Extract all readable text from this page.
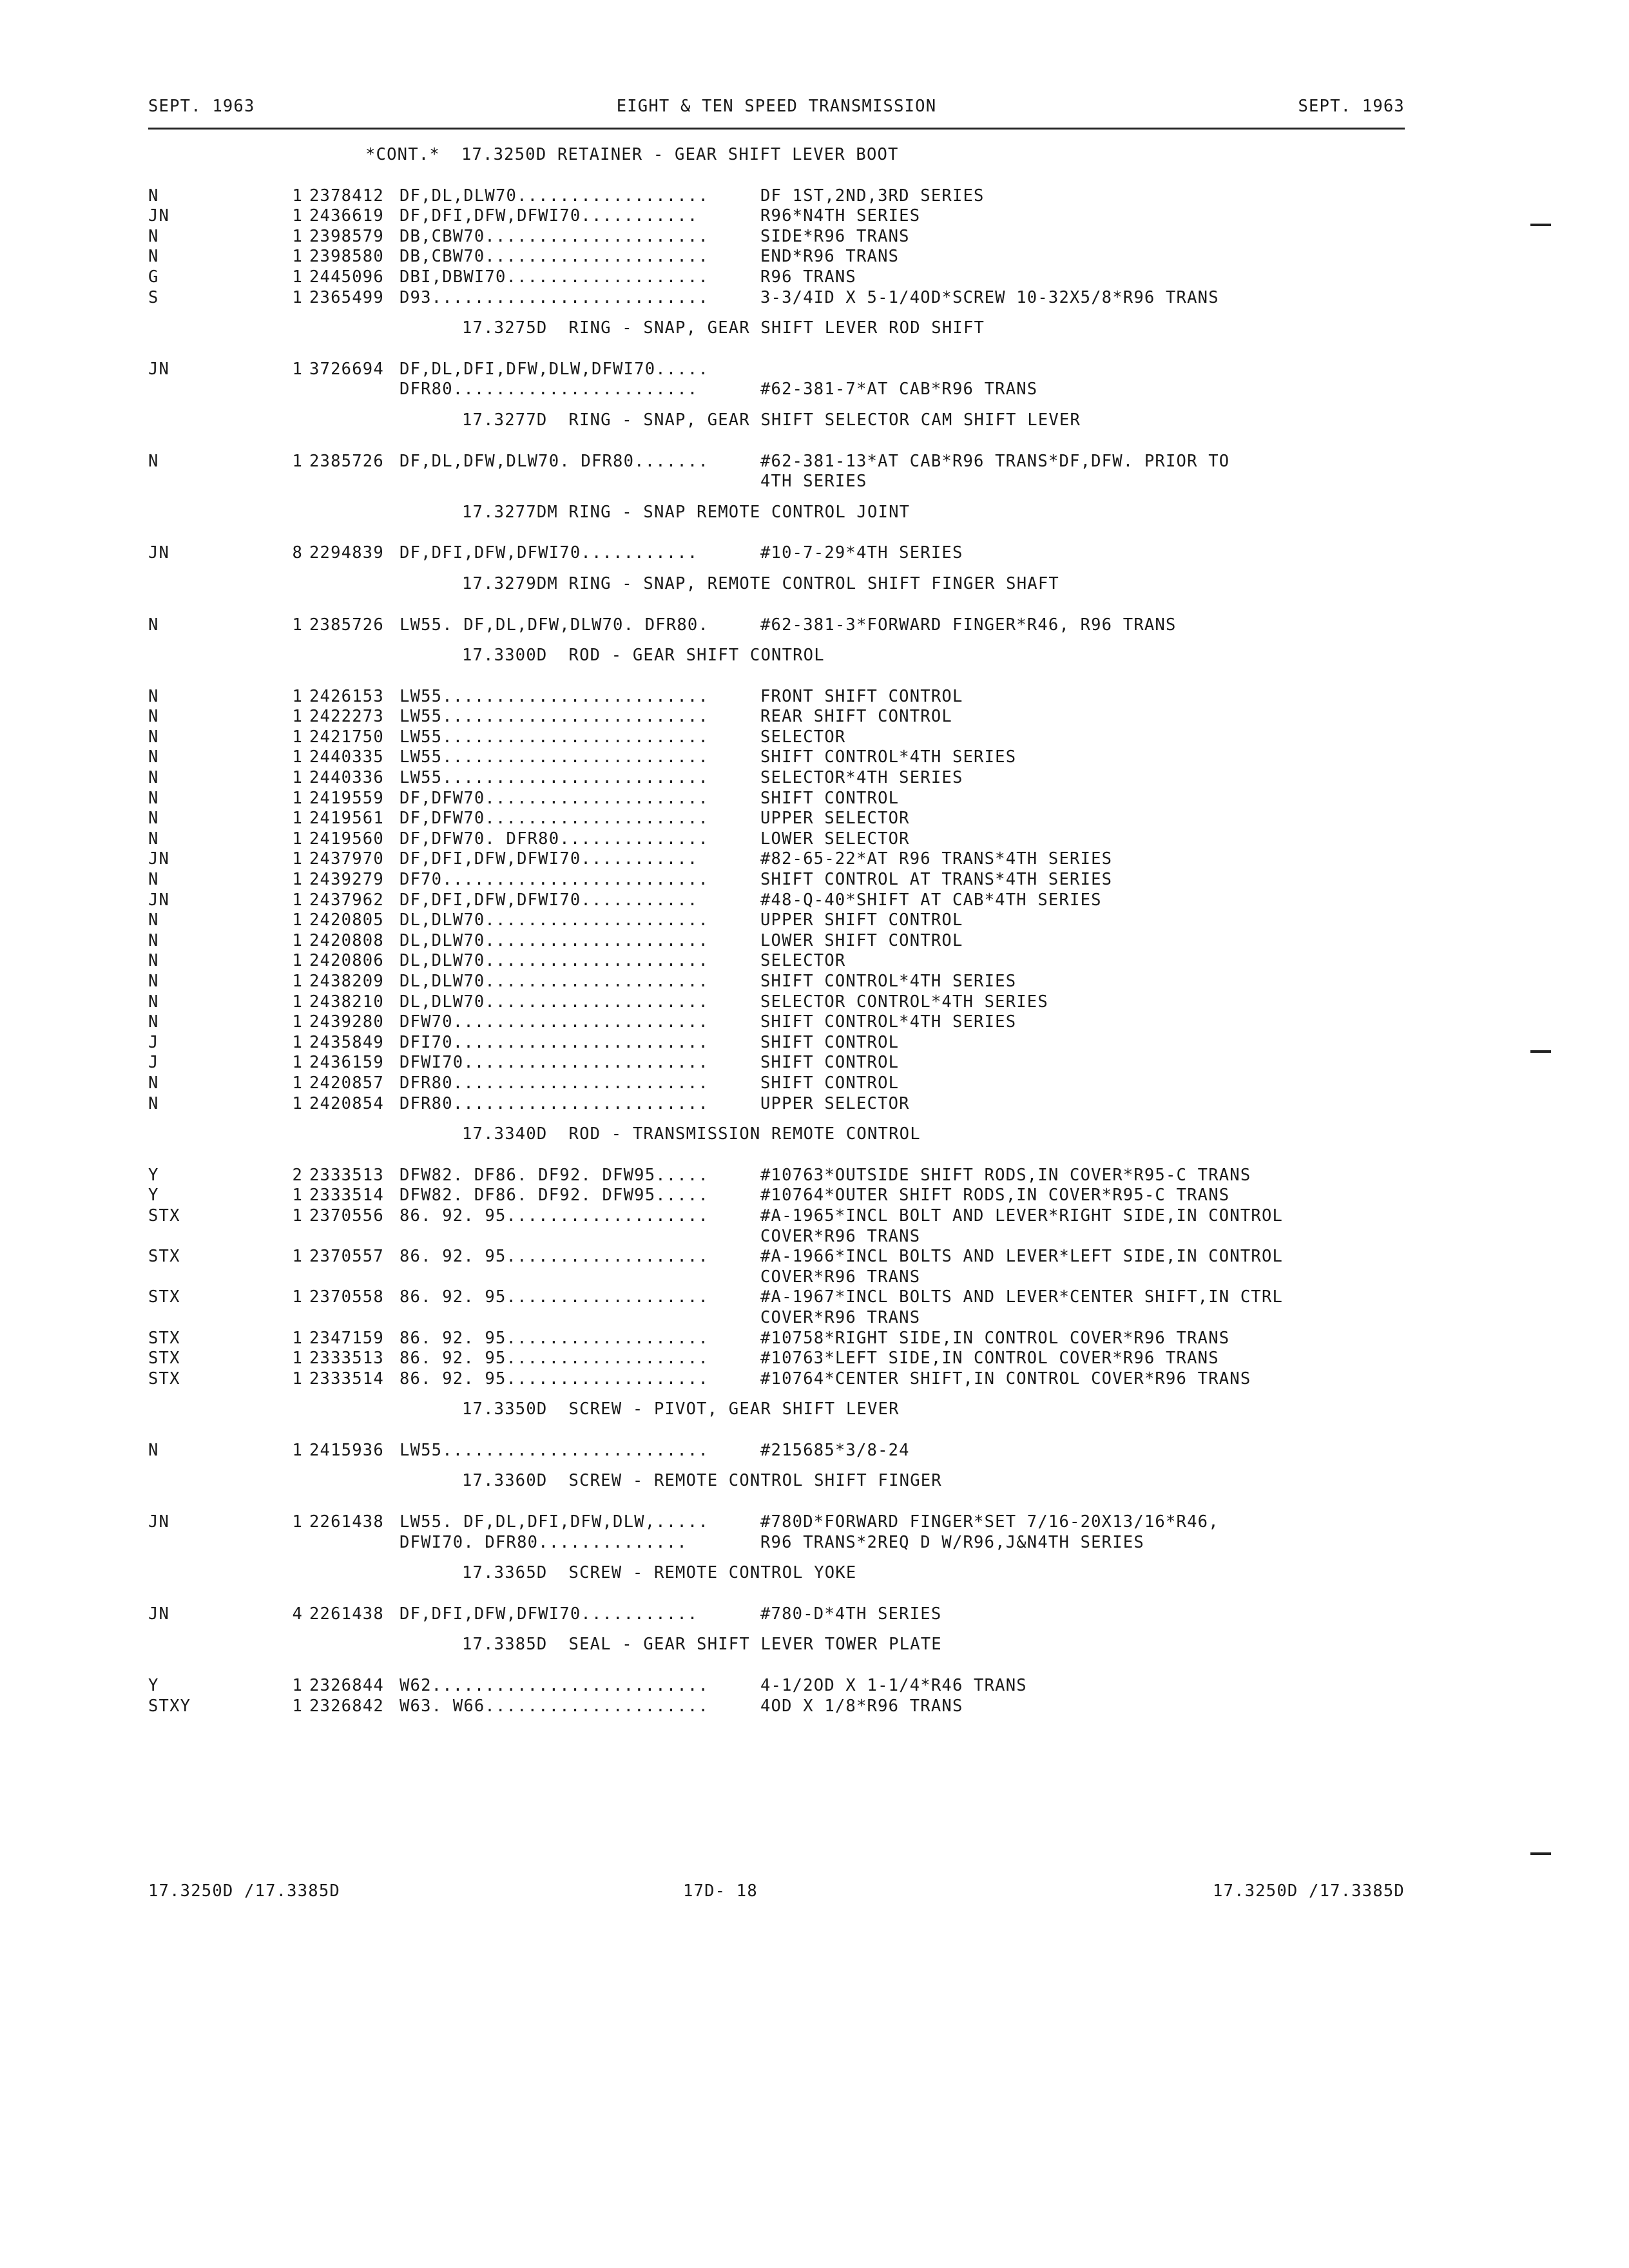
SEPT. 1963	EIGHT & TEN SPEED TRANSMISSION	SEPT. 1963
*CONT.*  17.3250D RETAINER - GEAR SHIFT LEVER BOOT
N	1 2378412 DF,DL,DLW70..................	DF 1ST,2ND,3RD SERIES
JN	1 2436619 DF,DFI,DFW,DFWI70...........	R96*N4TH SERIES
N	1 2398579 DB,CBW70.....................	SIDE*R96 TRANS
N	1 2398580 DB,CBW70.....................	END*R96 TRANS
G	1 2445096 DBI,DBWI70...................	R96 TRANS
S	1 2365499 D93..........................	3-3/4ID X 5-1/4OD*SCREW 10-32X5/8*R96 TRANS
17.3275D  RING - SNAP, GEAR SHIFT LEVER ROD SHIFT
JN	1 3726694 DF,DL,DFI,DFW,DLW,DFWI70.....
DFR80.......................	#62-381-7*AT CAB*R96 TRANS
17.3277D  RING - SNAP, GEAR SHIFT SELECTOR CAM SHIFT LEVER
N	1 2385726 DF,DL,DFW,DLW70. DFR80.......	#62-381-13*AT CAB*R96 TRANS*DF,DFW. PRIOR TO
4TH SERIES
17.3277DM RING - SNAP REMOTE CONTROL JOINT
JN	8 2294839 DF,DFI,DFW,DFWI70...........	#10-7-29*4TH SERIES
17.3279DM RING - SNAP, REMOTE CONTROL SHIFT FINGER SHAFT
N	1 2385726 LW55. DF,DL,DFW,DLW70. DFR80.	#62-381-3*FORWARD FINGER*R46, R96 TRANS
17.3300D  ROD - GEAR SHIFT CONTROL
N	1 2426153 LW55.........................	FRONT SHIFT CONTROL
N	1 2422273 LW55.........................	REAR SHIFT CONTROL
N	1 2421750 LW55.........................	SELECTOR
N	1 2440335 LW55.........................	SHIFT CONTROL*4TH SERIES
N	1 2440336 LW55.........................	SELECTOR*4TH SERIES
N	1 2419559 DF,DFW70.....................	SHIFT CONTROL
N	1 2419561 DF,DFW70.....................	UPPER SELECTOR
N	1 2419560 DF,DFW70. DFR80..............	LOWER SELECTOR
JN	1 2437970 DF,DFI,DFW,DFWI70...........	#82-65-22*AT R96 TRANS*4TH SERIES
N	1 2439279 DF70.........................	SHIFT CONTROL AT TRANS*4TH SERIES
JN	1 2437962 DF,DFI,DFW,DFWI70...........	#48-Q-40*SHIFT AT CAB*4TH SERIES
N	1 2420805 DL,DLW70.....................	UPPER SHIFT CONTROL
N	1 2420808 DL,DLW70.....................	LOWER SHIFT CONTROL
N	1 2420806 DL,DLW70.....................	SELECTOR
N	1 2438209 DL,DLW70.....................	SHIFT CONTROL*4TH SERIES
N	1 2438210 DL,DLW70.....................	SELECTOR CONTROL*4TH SERIES
N	1 2439280 DFW70........................	SHIFT CONTROL*4TH SERIES
J	1 2435849 DFI70........................	SHIFT CONTROL
J	1 2436159 DFWI70.......................	SHIFT CONTROL
N	1 2420857 DFR80........................	SHIFT CONTROL
N	1 2420854 DFR80........................	UPPER SELECTOR
17.3340D  ROD - TRANSMISSION REMOTE CONTROL
Y	2 2333513 DFW82. DF86. DF92. DFW95.....	#10763*OUTSIDE SHIFT RODS,IN COVER*R95-C TRANS
Y	1 2333514 DFW82. DF86. DF92. DFW95.....	#10764*OUTER SHIFT RODS,IN COVER*R95-C TRANS
STX	1 2370556 86. 92. 95...................	#A-1965*INCL BOLT AND LEVER*RIGHT SIDE,IN CONTROL
COVER*R96 TRANS
STX	1 2370557 86. 92. 95...................	#A-1966*INCL BOLTS AND LEVER*LEFT SIDE,IN CONTROL
COVER*R96 TRANS
STX	1 2370558 86. 92. 95...................	#A-1967*INCL BOLTS AND LEVER*CENTER SHIFT,IN CTRL
COVER*R96 TRANS
STX	1 2347159 86. 92. 95...................	#10758*RIGHT SIDE,IN CONTROL COVER*R96 TRANS
STX	1 2333513 86. 92. 95...................	#10763*LEFT SIDE,IN CONTROL COVER*R96 TRANS
STX	1 2333514 86. 92. 95...................	#10764*CENTER SHIFT,IN CONTROL COVER*R96 TRANS
17.3350D  SCREW - PIVOT, GEAR SHIFT LEVER
N	1 2415936 LW55.........................	#215685*3/8-24
17.3360D  SCREW - REMOTE CONTROL SHIFT FINGER
JN	1 2261438 LW55. DF,DL,DFI,DFW,DLW,.....	#780D*FORWARD FINGER*SET 7/16-20X13/16*R46,
DFWI70. DFR80..............	R96 TRANS*2REQ D W/R96,J&N4TH SERIES
17.3365D  SCREW - REMOTE CONTROL YOKE
JN	4 2261438 DF,DFI,DFW,DFWI70...........	#780-D*4TH SERIES
17.3385D  SEAL - GEAR SHIFT LEVER TOWER PLATE
Y	1 2326844 W62..........................	4-1/2OD X 1-1/4*R46 TRANS
STXY	1 2326842 W63. W66.....................	4OD X 1/8*R96 TRANS
17.3250D /17.3385D	17D- 18	17.3250D /17.3385D
